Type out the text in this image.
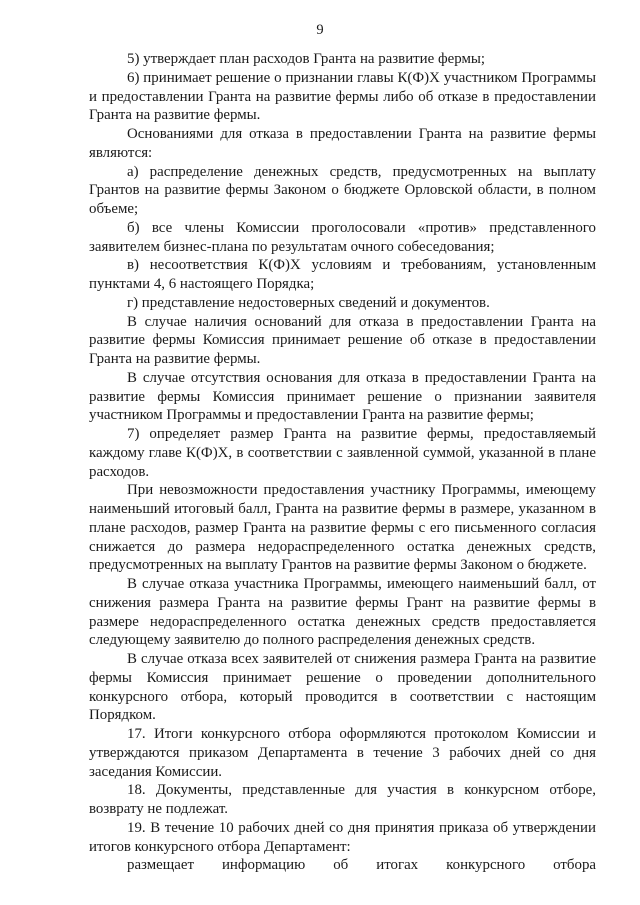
9

5) утверждает план расходов Гранта на развитие фермы;

6) принимает решение о признании главы К(Ф)Х участником Программы и предоставлении Гранта на развитие фермы либо об отказе в предоставлении Гранта на развитие фермы.

Основаниями для отказа в предоставлении Гранта на развитие фермы являются:

а) распределение денежных средств, предусмотренных на выплату Грантов на развитие фермы Законом о бюджете Орловской области, в полном объеме;

б) все члены Комиссии проголосовали «против» представленного заявителем бизнес-плана по результатам очного собеседования;

в) несоответствия К(Ф)Х условиям и требованиям, установленным пунктами 4, 6 настоящего Порядка;

г) представление недостоверных сведений и документов.

В случае наличия оснований для отказа в предоставлении Гранта на развитие фермы Комиссия принимает решение об отказе в предоставлении Гранта на развитие фермы.

В случае отсутствия основания для отказа в предоставлении Гранта на развитие фермы Комиссия принимает решение о признании заявителя участником Программы и предоставлении Гранта на развитие фермы;

7) определяет размер Гранта на развитие фермы, предоставляемый каждому главе К(Ф)Х, в соответствии с заявленной суммой, указанной в плане расходов.

При невозможности предоставления участнику Программы, имеющему наименьший итоговый балл, Гранта на развитие фермы в размере, указанном в плане расходов, размер Гранта на развитие фермы с его письменного согласия снижается до размера недораспределенного остатка денежных средств, предусмотренных на выплату Грантов на развитие фермы Законом о бюджете.

В случае отказа участника Программы, имеющего наименьший балл, от снижения размера Гранта на развитие фермы Грант на развитие фермы в размере недораспределенного остатка денежных средств предоставляется следующему заявителю до полного распределения денежных средств.

В случае отказа всех заявителей от снижения размера Гранта на развитие фермы Комиссия принимает решение о проведении дополнительного конкурсного отбора, который проводится в соответствии с настоящим Порядком.

17. Итоги конкурсного отбора оформляются протоколом Комиссии и утверждаются приказом Департамента в течение 3 рабочих дней со дня заседания Комиссии.

18. Документы, представленные для участия в конкурсном отборе, возврату не подлежат.

19. В течение 10 рабочих дней со дня принятия приказа об утверждении итогов конкурсного отбора Департамент:

размещает информацию об итогах конкурсного отбора
